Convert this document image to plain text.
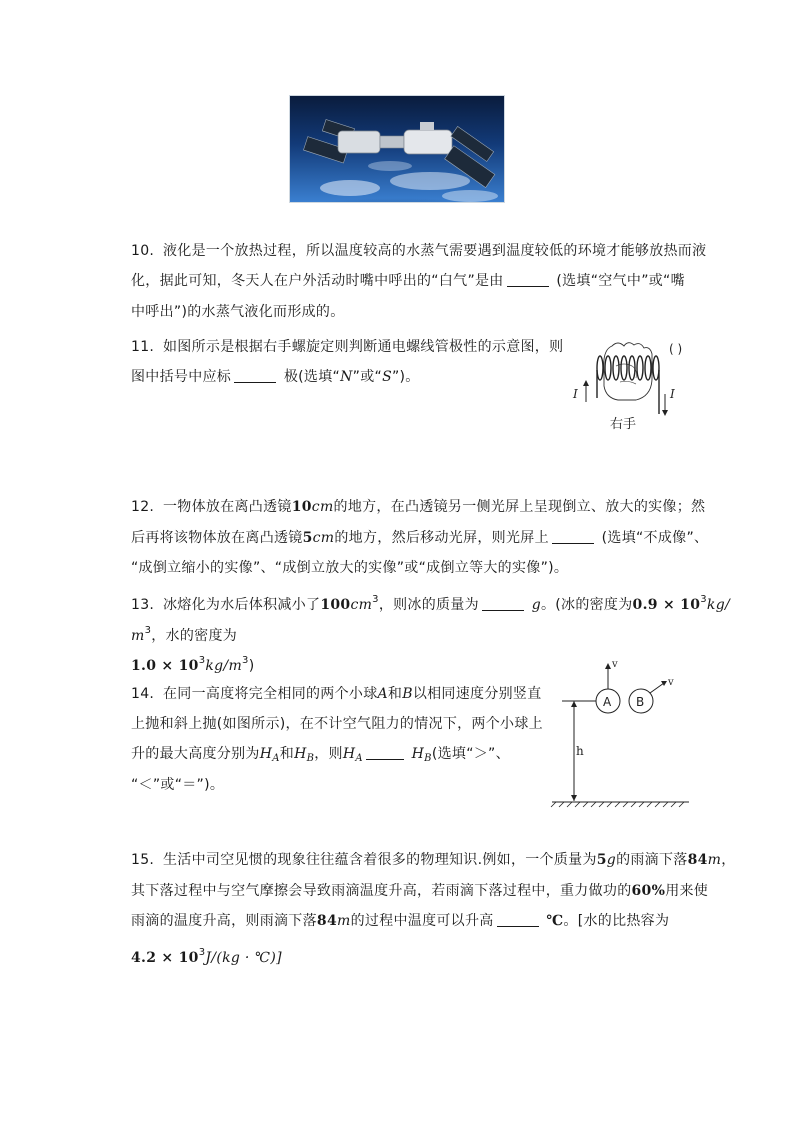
10. 液化是一个放热过程，所以温度较高的水蒸气需要遇到温度较低的环境才能够放热而液
化，据此可知，冬天人在户外活动时嘴中呼出的“白气”是由	(选填“空气中”或“嘴
中呼出”)的水蒸气液化而形成的。
11. 如图所示是根据右手螺旋定则判断通电螺线管极性的示意图，则
图中括号中应标	极(选填“N”或“S”)。
I	I
( )
右手
12. 一物体放在离凸透镜10cm的地方，在凸透镜另一侧光屏上呈现倒立、放大的实像；然
后再将该物体放在离凸透镜5cm的地方，然后移动光屏，则光屏上	(选填“不成像”、
“成倒立缩小的实像”、“成倒立放大的实像”或“成倒立等大的实像”)。
13. 冰熔化为水后体积减小了$100cm^3$，则冰的质量为	g。(冰的密度为$0.9 \times 10^3kg/$
$m^3$，水的密度为
$1.0 \times 10^3kg/m^3$)
14. 在同一高度将完全相同的两个小球A和B以相同速度分别竖直
上抛和斜上抛(如图所示)，在不计空气阻力的情况下，两个小球上
升的最大高度分别为$H_A$和$H_B$，则$H_A$	$H_B$(选填“＞”、
“＜”或“＝”)。
h
A
v
B
v
15. 生活中司空见惯的现象往往蕴含着很多的物理知识.例如，一个质量为5g的雨滴下落84m，
其下落过程中与空气摩擦会导致雨滴温度升高，若雨滴下落过程中，重力做功的60%用来使
雨滴的温度升高，则雨滴下落84m的过程中温度可以升高	℃。[水的比热容为
$4.2 \times 10^3J/(kg$ · ℃)]
